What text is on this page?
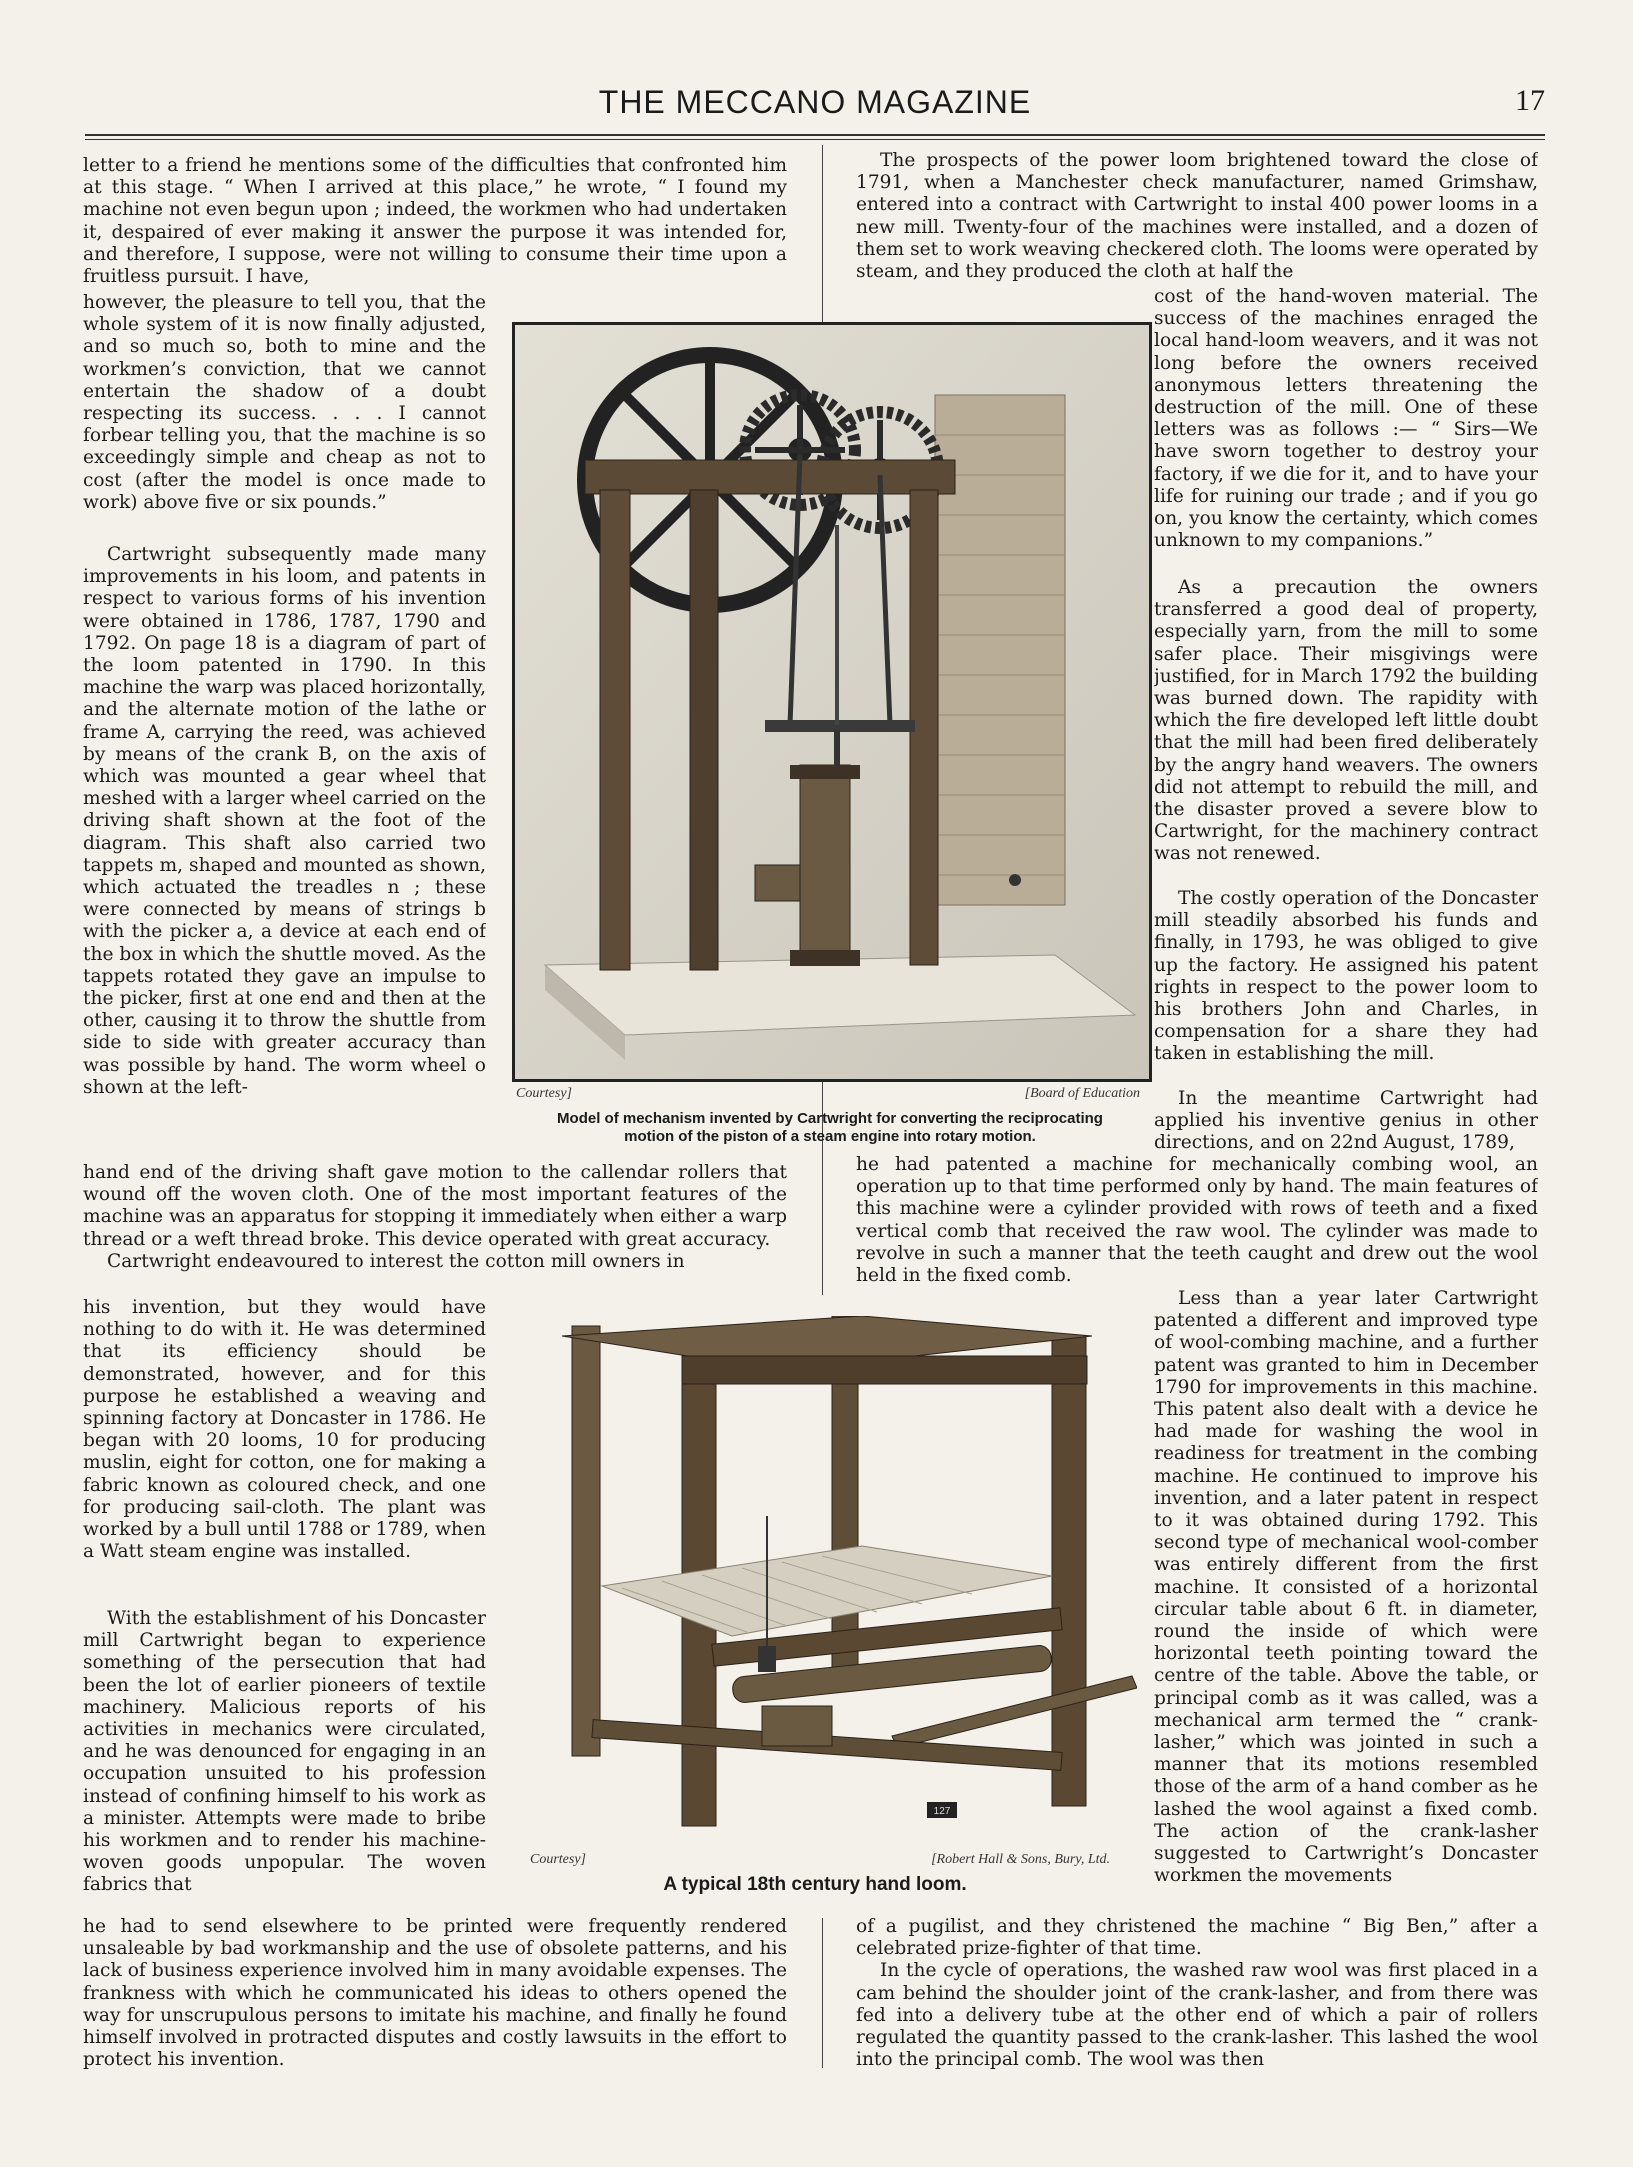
THE MECCANO MAGAZINE	17

letter to a friend he mentions some of the difficulties that confronted him at this stage. “ When I arrived at this place,” he wrote, “ I found my machine not even begun upon ; indeed, the workmen who had undertaken it, despaired of ever making it answer the purpose it was intended for, and therefore, I suppose, were not willing to consume their time upon a fruitless pursuit. I have,

however, the pleasure to tell you, that the whole system of it is now finally adjusted, and so much so, both to mine and the workmen’s conviction, that we cannot entertain the shadow of a doubt respecting its success. . . . I cannot forbear telling you, that the machine is so exceedingly simple and cheap as not to cost (after the model is once made to work) above five or six pounds.”

Cartwright subsequently made many improvements in his loom, and patents in respect to various forms of his invention were obtained in 1786, 1787, 1790 and 1792. On page 18 is a diagram of part of the loom patented in 1790. In this machine the warp was placed horizontally, and the alternate motion of the lathe or frame A, carrying the reed, was achieved by means of the crank B, on the axis of which was mounted a gear wheel that meshed with a larger wheel carried on the driving shaft shown at the foot of the diagram. This shaft also carried two tappets m, shaped and mounted as shown, which actuated the treadles n ; these were connected by means of strings b with the picker a, a device at each end of the box in which the shuttle moved. As the tappets rotated they gave an impulse to the picker, first at one end and then at the other, causing it to throw the shuttle from side to side with greater accuracy than was possible by hand. The worm wheel o shown at the left-

hand end of the driving shaft gave motion to the callendar rollers that wound off the woven cloth. One of the most important features of the machine was an apparatus for stopping it immediately when either a warp thread or a weft thread broke. This device operated with great accuracy.

Cartwright endeavoured to interest the cotton mill owners in

his invention, but they would have nothing to do with it. He was determined that its efficiency should be demonstrated, however, and for this purpose he established a weaving and spinning factory at Doncaster in 1786. He began with 20 looms, 10 for producing muslin, eight for cotton, one for making a fabric known as coloured check, and one for producing sail-cloth. The plant was worked by a bull until 1788 or 1789, when a Watt steam engine was installed.

With the establishment of his Doncaster mill Cartwright began to experience something of the persecution that had been the lot of earlier pioneers of textile machinery. Malicious reports of his activities in mechanics were circulated, and he was denounced for engaging in an occupation unsuited to his profession instead of confining himself to his work as a minister. Attempts were made to bribe his workmen and to render his machine-woven goods unpopular. The woven fabrics that

he had to send elsewhere to be printed were frequently rendered unsaleable by bad workmanship and the use of obsolete patterns, and his lack of business experience involved him in many avoidable expenses. The frankness with which he communicated his ideas to others opened the way for unscrupulous persons to imitate his machine, and finally he found himself involved in protracted disputes and costly lawsuits in the effort to protect his invention.

The prospects of the power loom brightened toward the close of 1791, when a Manchester check manufacturer, named Grimshaw, entered into a contract with Cartwright to instal 400 power looms in a new mill. Twenty-four of the machines were installed, and a dozen of them set to work weaving checkered cloth. The looms were operated by steam, and they produced the cloth at half the

cost of the hand-woven material. The success of the machines enraged the local hand-loom weavers, and it was not long before the owners received anonymous letters threatening the destruction of the mill. One of these letters was as follows :— “ Sirs—We have sworn together to destroy your factory, if we die for it, and to have your life for ruining our trade ; and if you go on, you know the certainty, which comes unknown to my companions.”

As a precaution the owners transferred a good deal of property, especially yarn, from the mill to some safer place. Their misgivings were justified, for in March 1792 the building was burned down. The rapidity with which the fire developed left little doubt that the mill had been fired deliberately by the angry hand weavers. The owners did not attempt to rebuild the mill, and the disaster proved a severe blow to Cartwright, for the machinery contract was not renewed.

The costly operation of the Doncaster mill steadily absorbed his funds and finally, in 1793, he was obliged to give up the factory. He assigned his patent rights in respect to the power loom to his brothers John and Charles, in compensation for a share they had taken in establishing the mill.

In the meantime Cartwright had applied his inventive genius in other directions, and on 22nd August, 1789,

he had patented a machine for mechanically combing wool, an operation up to that time performed only by hand. The main features of this machine were a cylinder provided with rows of teeth and a fixed vertical comb that received the raw wool. The cylinder was made to revolve in such a manner that the teeth caught and drew out the wool held in the fixed comb.

Less than a year later Cartwright patented a different and improved type of wool-combing machine, and a further patent was granted to him in December 1790 for improvements in this machine. This patent also dealt with a device he had made for washing the wool in readiness for treatment in the combing machine. He continued to improve his invention, and a later patent in respect to it was obtained during 1792. This second type of mechanical wool-comber was entirely different from the first machine. It consisted of a horizontal circular table about 6 ft. in diameter, round the inside of which were horizontal teeth pointing toward the centre of the table. Above the table, or principal comb as it was called, was a mechanical arm termed the “ crank-lasher,” which was jointed in such a manner that its motions resembled those of the arm of a hand comber as he lashed the wool against a fixed comb. The action of the crank-lasher suggested to Cartwright’s Doncaster workmen the movements

of a pugilist, and they christened the machine “ Big Ben,” after a celebrated prize-fighter of that time.

In the cycle of operations, the washed raw wool was first placed in a cam behind the shoulder joint of the crank-lasher, and from there was fed into a delivery tube at the other end of which a pair of rollers regulated the quantity passed to the crank-lasher. This lashed the wool into the principal comb. The wool was then

Courtesy]	[Board of Education
Model of mechanism invented by Cartwright for converting the reciprocating
motion of the piston of a steam engine into rotary motion.
127
Courtesy]	[Robert Hall & Sons, Bury, Ltd.
A typical 18th century hand loom.
